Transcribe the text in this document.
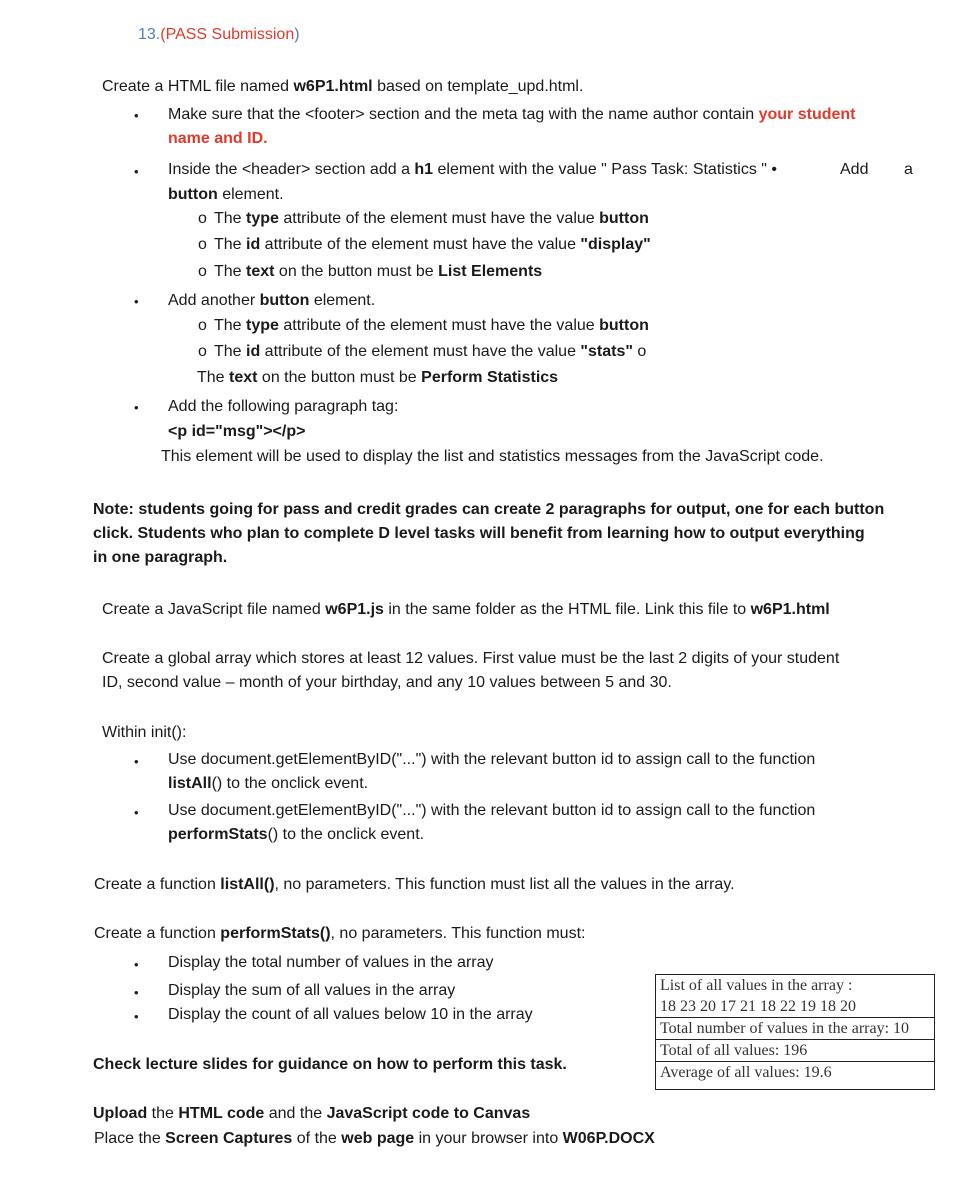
13.(PASS Submission)
Create a HTML file named w6P1.html based on template_upd.html.
• Make sure that the <footer> section and the meta tag with the name author contain your student
name and ID.
• Inside the <header> section add a h1 element with the value " Pass Task: Statistics " •	Add a
button element.
o The type attribute of the element must have the value button
o The id attribute of the element must have the value "display"
o The text on the button must be List Elements
• Add another button element.
o The type attribute of the element must have the value button
o The id attribute of the element must have the value "stats" o
The text on the button must be Perform Statistics
• Add the following paragraph tag:
<p id="msg"></p>
This element will be used to display the list and statistics messages from the JavaScript code.
Note: students going for pass and credit grades can create 2 paragraphs for output, one for each button
click. Students who plan to complete D level tasks will benefit from learning how to output everything
in one paragraph.
Create a JavaScript file named w6P1.js in the same folder as the HTML file. Link this file to w6P1.html
Create a global array which stores at least 12 values. First value must be the last 2 digits of your student
ID, second value – month of your birthday, and any 10 values between 5 and 30.
Within init():
• Use document.getElementByID("...") with the relevant button id to assign call to the function
listAll() to the onclick event.
• Use document.getElementByID("...") with the relevant button id to assign call to the function
performStats() to the onclick event.
Create a function listAll(), no parameters. This function must list all the values in the array.
Create a function performStats(), no parameters. This function must:
• Display the total number of values in the array
• Display the sum of all values in the array
• Display the count of all values below 10 in the array
Check lecture slides for guidance on how to perform this task.
List of all values in the array :
18 23 20 17 21 18 22 19 18 20
Total number of values in the array: 10
Total of all values: 196
Average of all values: 19.6
Upload the HTML code and the JavaScript code to Canvas
Place the Screen Captures of the web page in your browser into W06P.DOCX
